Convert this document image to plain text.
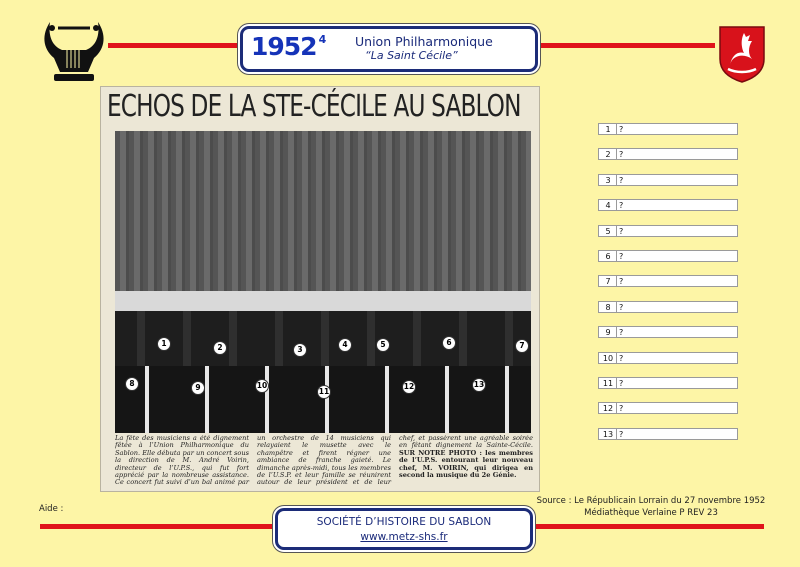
1952 $^4$ Union Philharmonique
“La Saint Cécile”
ECHOS DE LA STE-CÉCILE AU SABLON
1	2	3
4	5	6	7
8	9	10
11
12	13
La fête des musiciens a été dignement fêtée à l’Union Philharmonique du Sablon. Elle débuta par un concert sous la direction de M. André Voirin, directeur de l’U.P.S., qui fut fort apprécié par la nombreuse assistance. Ce concert fut suivi d’un bal animé par un orchestre de 14 musiciens qui relayaient le musette avec le champêtre et firent régner une ambiance de franche gaieté. Le dimanche après-midi, tous les membres de l’U.S.P. et leur famille se réunirent autour de leur président et de leur chef, et passèrent une agréable soirée en fêtant dignement la Sainte-Cécile. SUR NOTRE PHOTO : les membres de l’U.P.S. entourant leur nouveau chef, M. VOIRIN, qui dirigea en second la musique du 2e Génie.
1	?
2	?
3	?
4	?
5	?
6	?
7	?
8	?
9	?
10 ?
11 ?
12 ?
13 ?
Source : Le Républicain Lorrain du 27 novembre 1952
Médiathèque Verlaine P REV 23
Aide :
SOCIÉTÉ D’HISTOIRE DU SABLON
www.metz-shs.fr
